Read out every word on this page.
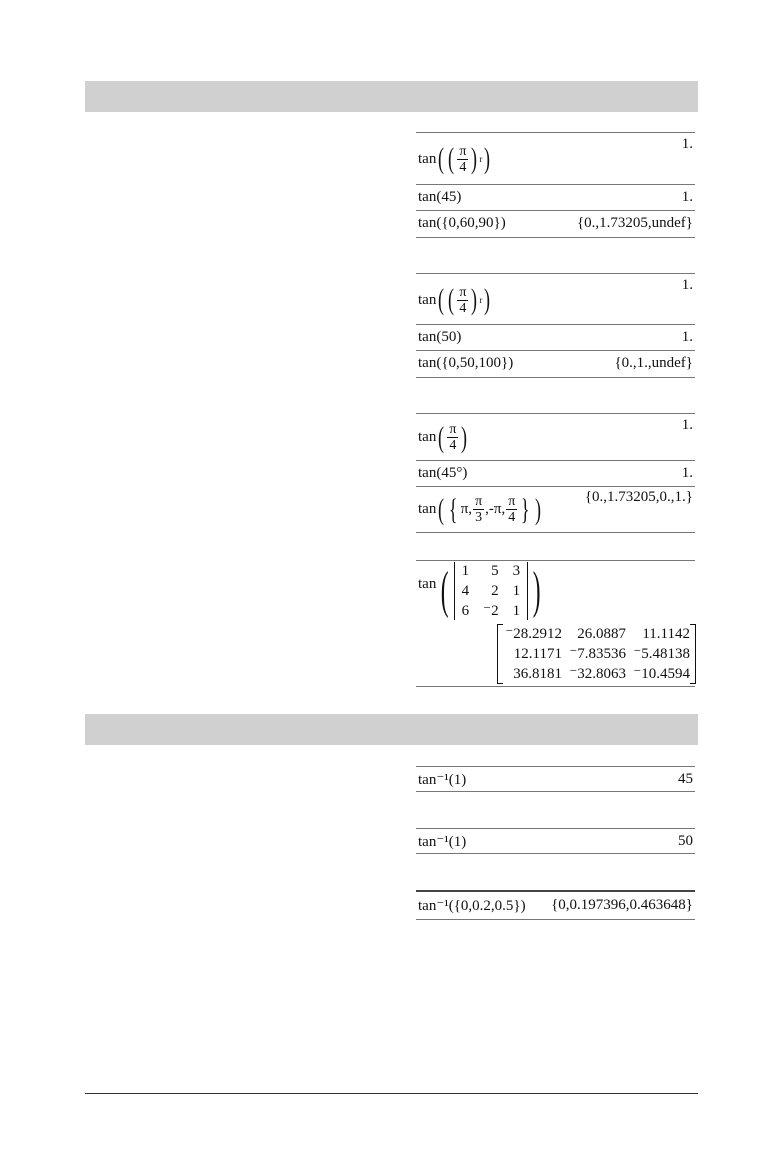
tan ( ( $\frac{\pi}{4}$ ) r )	1.
tan(45)	1.
tan({0,60,90})	{0.,1.73205,undef}
tan ( ( $\frac{\pi}{4}$ ) r )	1.
tan(50)	1.
tan({0,50,100})	{0.,1.,undef}
tan ( $\frac{\pi}{4}$ )	1.
tan(45°)	1.
tan ( { π, $\frac{\pi}{3} ,-\pi$, $\frac{\pi}{4}$ } )	{0.,1.73205,0.,1.}
tan ( 1	5 3
4	2 1
6 ⁻2 1 )
⁻28.2912	26.0887	11.1142
12.1171 ⁻7.83536 ⁻5.48138
36.8181 ⁻32.8063 ⁻10.4594
tan⁻¹(1)	45
tan⁻¹(1)	50
tan⁻¹({0,0.2,0.5}) {0,0.197396,0.463648}
